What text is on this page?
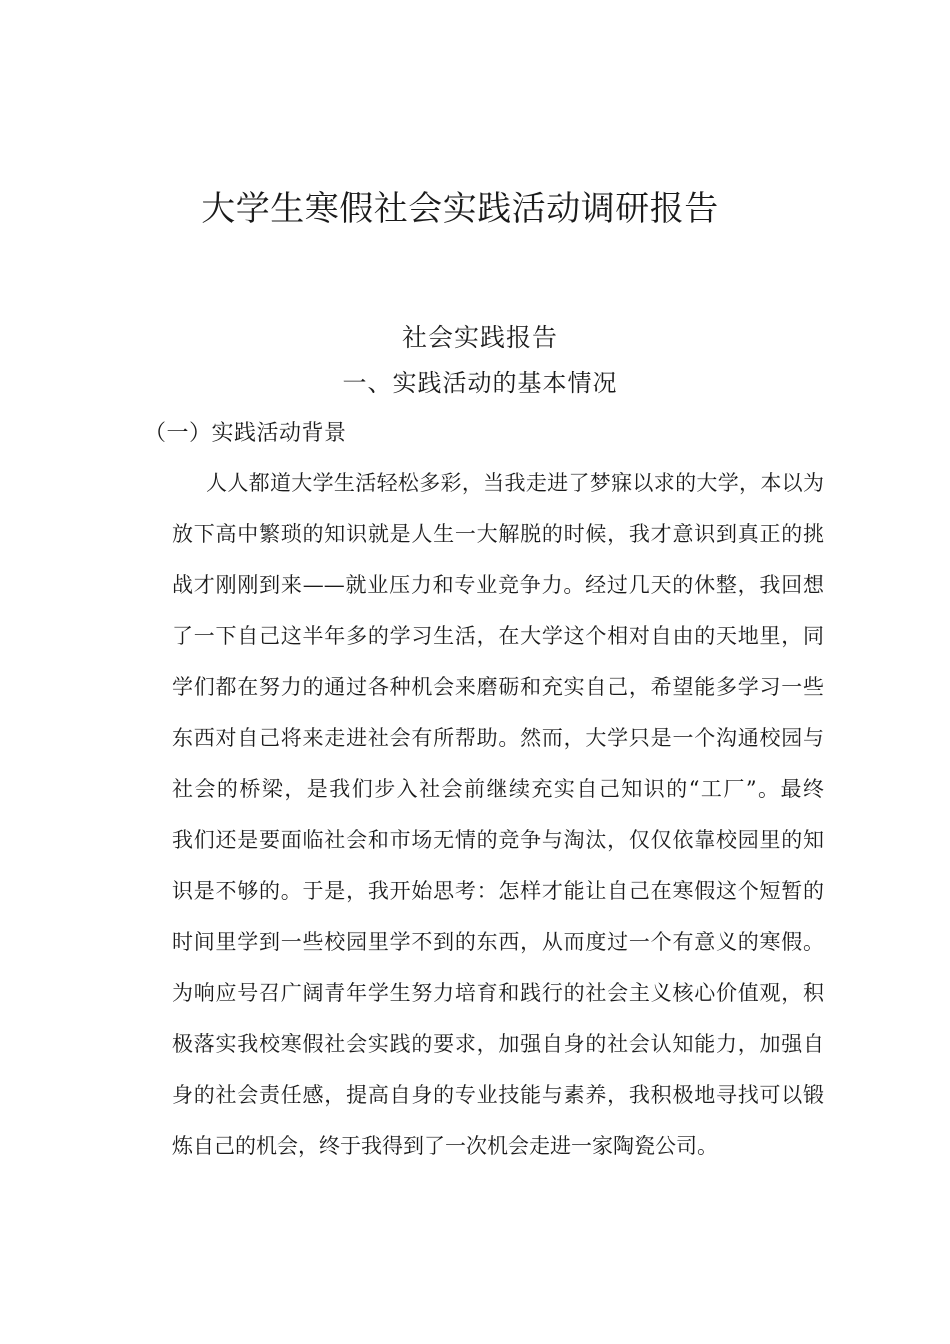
大学生寒假社会实践活动调研报告
社会实践报告
一、实践活动的基本情况
（一）实践活动背景
人人都道大学生活轻松多彩，当我走进了梦寐以求的大学，本以为
放下高中繁琐的知识就是人生一大解脱的时候，我才意识到真正的挑
战才刚刚到来——就业压力和专业竞争力。经过几天的休整，我回想
了一下自己这半年多的学习生活，在大学这个相对自由的天地里，同
学们都在努力的通过各种机会来磨砺和充实自己，希望能多学习一些
东西对自己将来走进社会有所帮助。然而，大学只是一个沟通校园与
社会的桥梁，是我们步入社会前继续充实自己知识的“工厂”。最终
我们还是要面临社会和市场无情的竞争与淘汰，仅仅依靠校园里的知
识是不够的。于是，我开始思考：怎样才能让自己在寒假这个短暂的
时间里学到一些校园里学不到的东西，从而度过一个有意义的寒假。
为响应号召广阔青年学生努力培育和践行的社会主义核心价值观，积
极落实我校寒假社会实践的要求，加强自身的社会认知能力，加强自
身的社会责任感，提高自身的专业技能与素养，我积极地寻找可以锻
炼自己的机会，终于我得到了一次机会走进一家陶瓷公司。
